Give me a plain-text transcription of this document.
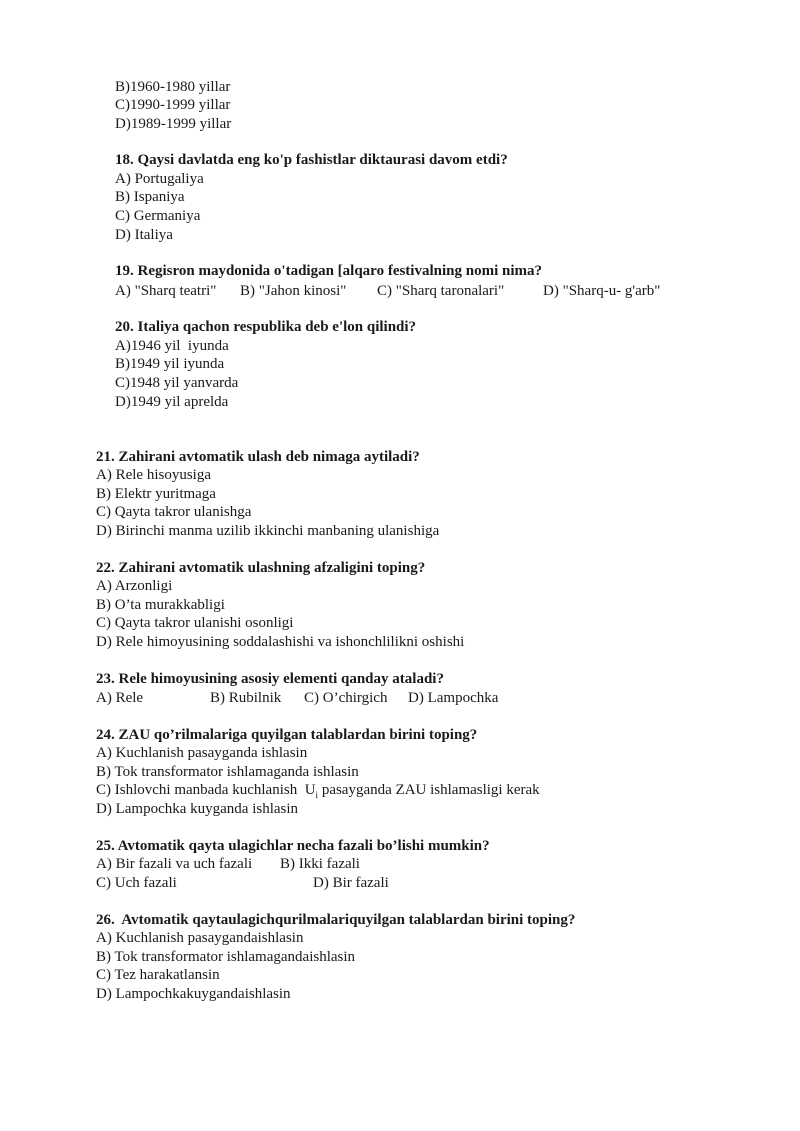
B)1960-1980 yillar
C)1990-1999 yillar
D)1989-1999 yillar
18. Qaysi davlatda eng ko'p fashistlar diktaurasi davom etdi?
A) Portugaliya
B) Ispaniya
C) Germaniya
D) Italiya
19. Regisron maydonida o'tadigan [alqaro festivalning nomi nima?
A) "Sharq teatri" B) "Jahon kinosi" C) "Sharq taronalari"	D) "Sharq-u- g'arb"
20. Italiya qachon respublika deb e'lon qilindi?
A)1946 yil  iyunda
B)1949 yil iyunda
C)1948 yil yanvarda
D)1949 yil aprelda
21. Zahirani avtomatik ulash deb nimaga aytiladi?
A) Rele hisoyusiga
B) Elektr yuritmaga
C) Qayta takror ulanishga
D) Birinchi manma uzilib ikkinchi manbaning ulanishiga
22. Zahirani avtomatik ulashning afzaligini toping?
A) Arzonligi
B) O’ta murakkabligi
C) Qayta takror ulanishi osonligi
D) Rele himoyusining soddalashishi va ishonchlilikni oshishi
23. Rele himoyusining asosiy elementi qanday ataladi?
A) Rele	B) Rubilnik C) O’chirgich D) Lampochka
24. ZAU qo’rilmalariga quyilgan talablardan birini toping?
A) Kuchlanish pasayganda ishlasin
B) Tok transformator ishlamaganda ishlasin
C) Ishlovchi manbada kuchlanish  $U_i$ pasayganda ZAU ishlamasligi kerak
D) Lampochka kuyganda ishlasin
25. Avtomatik qayta ulagichlar necha fazali bo’lishi mumkin?
A) Bir fazali va uch fazali B) Ikki fazali
C) Uch fazali	D) Bir fazali
26.  Avtomatik qaytaulagichqurilmalariquyilgan talablardan birini toping?
A) Kuchlanish pasaygandaishlasin
B) Tok transformator ishlamagandaishlasin
C) Tez harakatlansin
D) Lampochkakuygandaishlasin
